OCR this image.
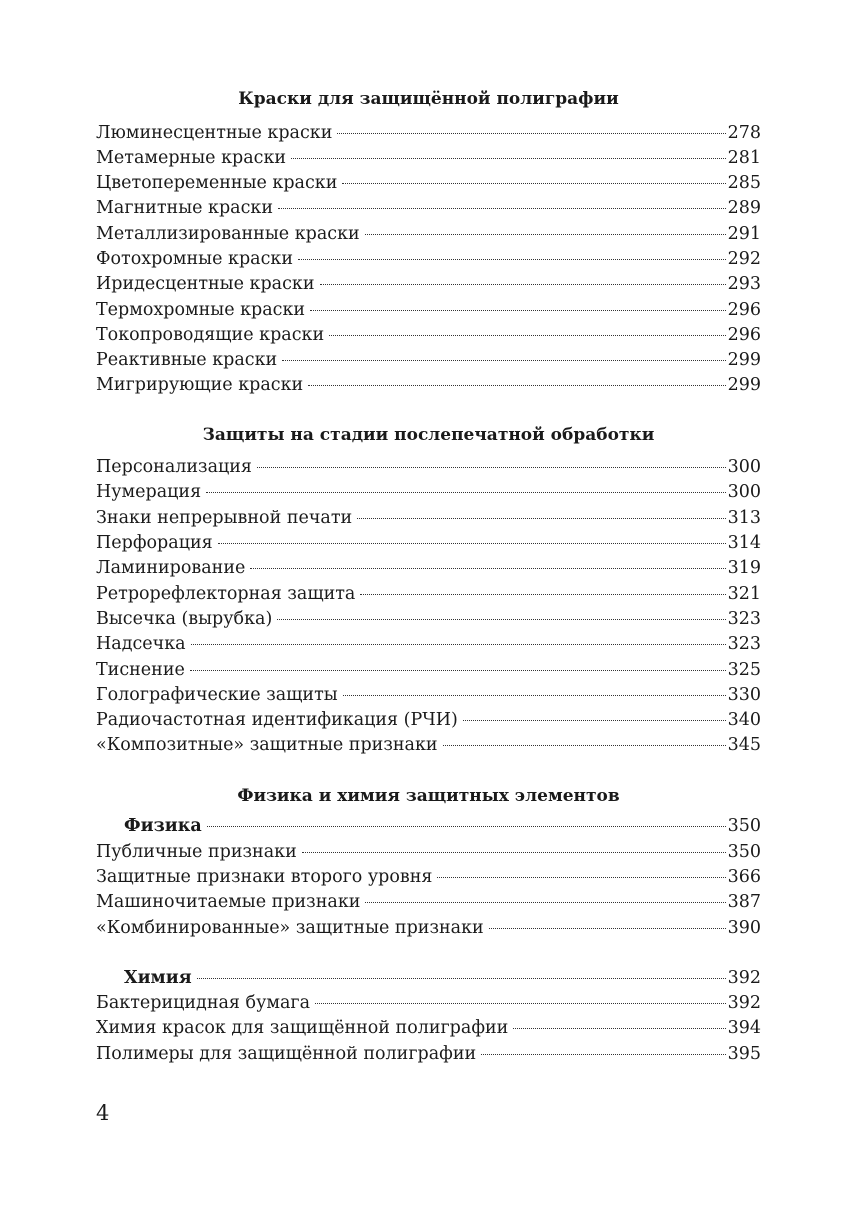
Краски для защищённой полиграфии
Люминесцентные краски	278
Метамерные краски	281
Цветопеременные краски	285
Магнитные краски	289
Металлизированные краски	291
Фотохромные краски	292
Иридесцентные краски	293
Термохромные краски	296
Токопроводящие краски	296
Реактивные краски	299
Мигрирующие краски	299
Защиты на стадии послепечатной обработки
Персонализация	300
Нумерация	300
Знаки непрерывной печати	313
Перфорация	314
Ламинирование	319
Ретрорефлекторная защита	321
Высечка (вырубка)	323
Надсечка	323
Тиснение	325
Голографические защиты	330
Радиочастотная идентификация (РЧИ)	340
«Композитные» защитные признаки	345
Физика и химия защитных элементов
Физика	350
Публичные признаки	350
Защитные признаки второго уровня	366
Машиночитаемые признаки	387
«Комбинированные» защитные признаки	390
Химия	392
Бактерицидная бумага	392
Химия красок для защищённой полиграфии	394
Полимеры для защищённой полиграфии	395
4
